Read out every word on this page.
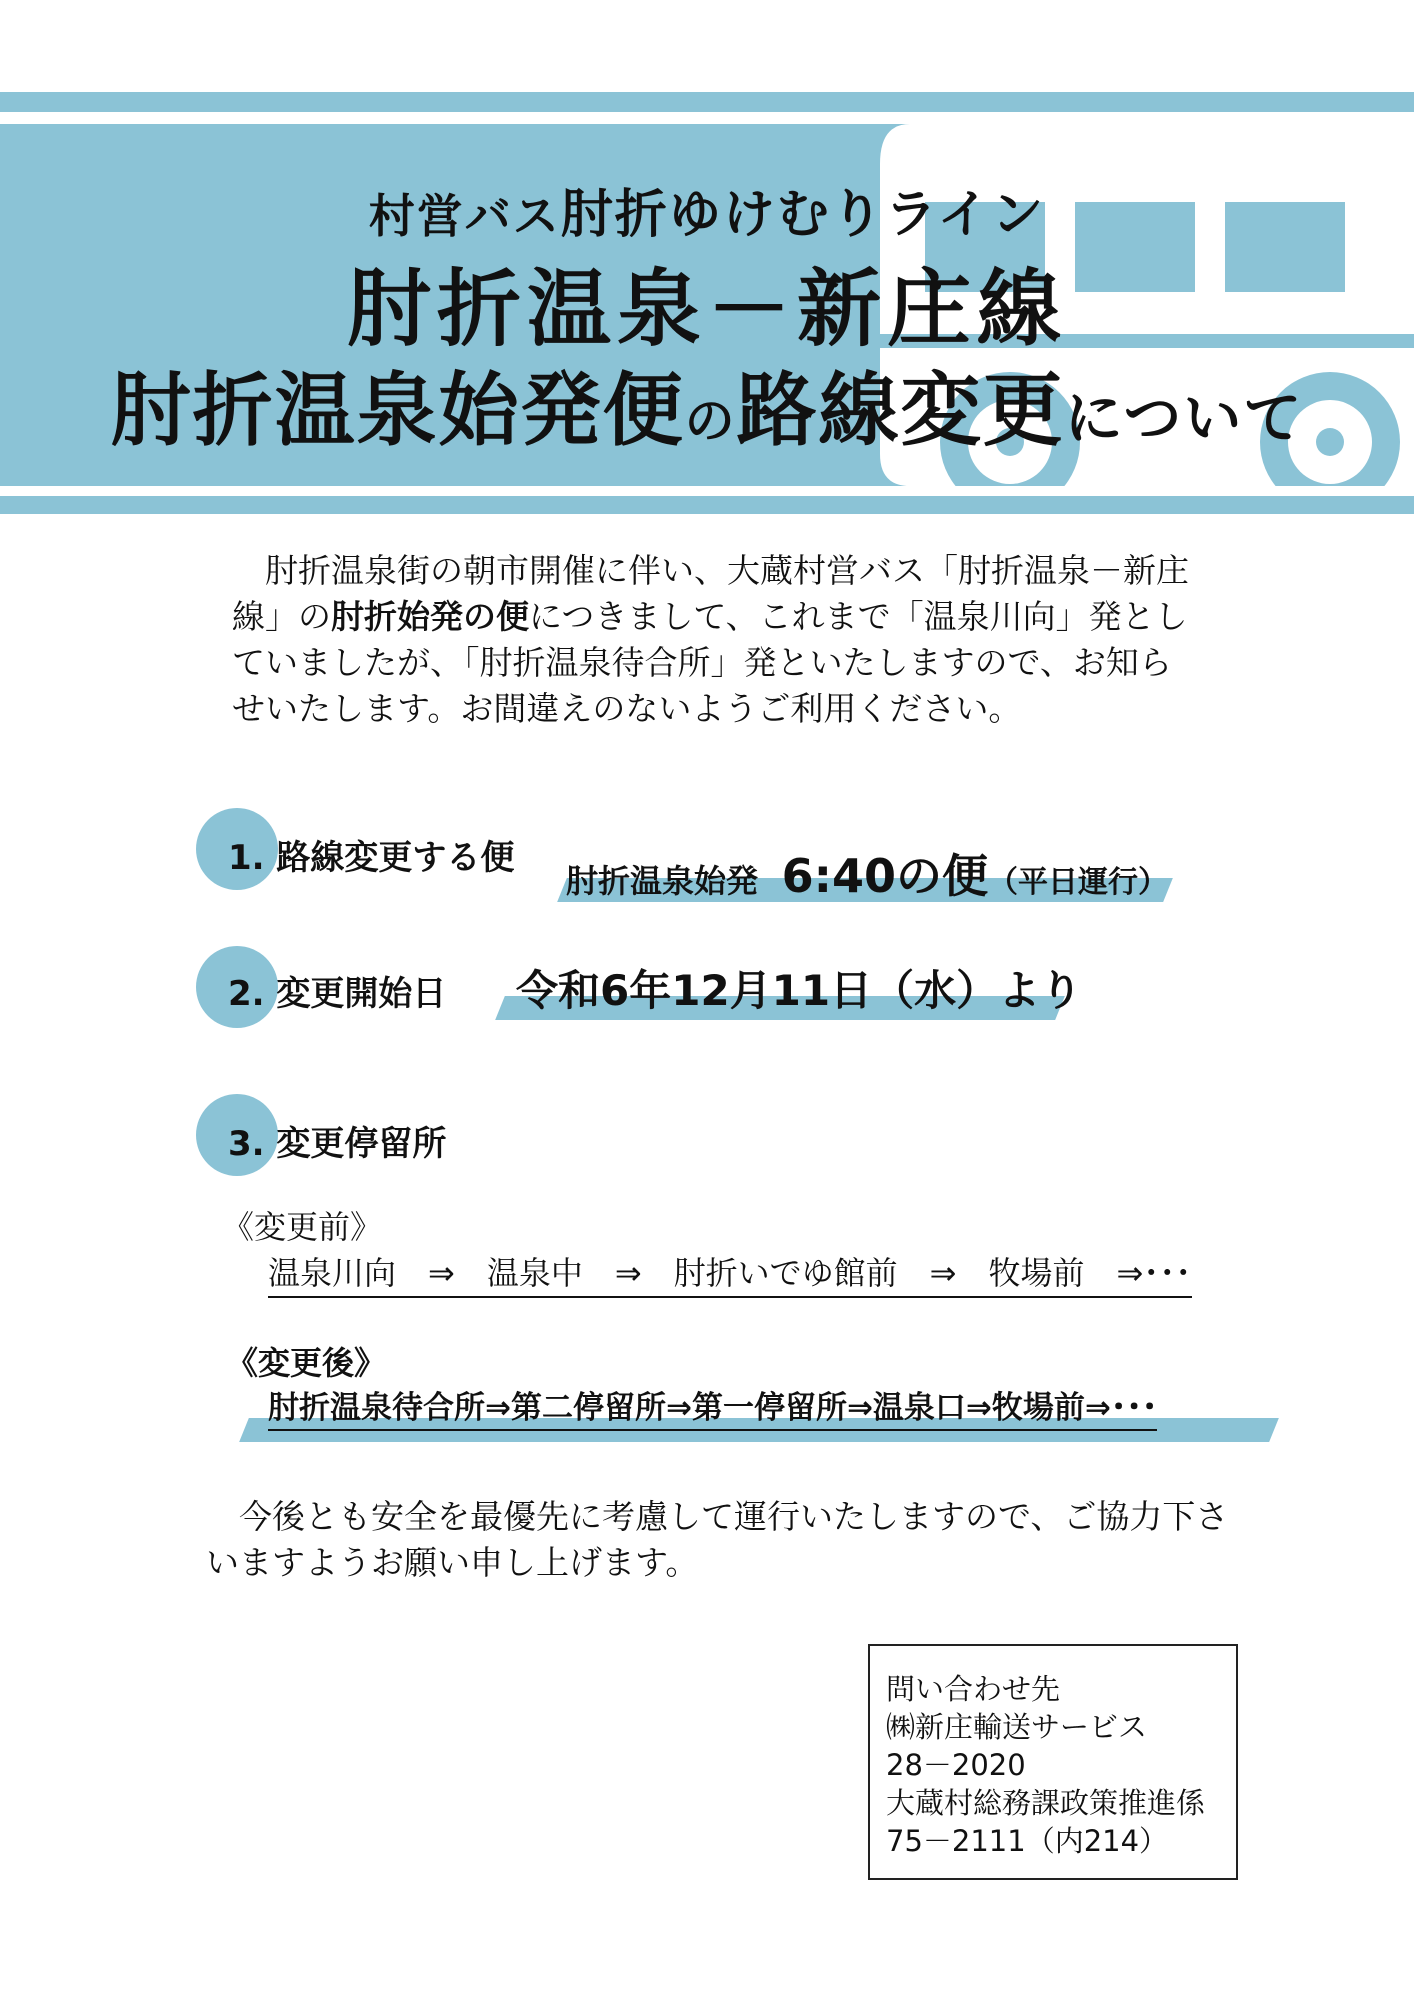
村営バス肘折ゆけむりライン
肘折温泉－新庄線
肘折温泉始発便の路線変更について

肘折温泉街の朝市開催に伴い、大蔵村営バス「肘折温泉－新庄線」の肘折始発の便につきまして、これまで「温泉川向」発としていましたが、「肘折温泉待合所」発といたしますので、お知らせいたします。お間違えのないようご利用ください。

1. 路線変更する便
肘折温泉始発 6:40の便（平日運行）
2. 変更開始日 令和6年12月11日（水）より
3. 変更停留所
《変更前》
温泉川向　⇒　温泉中　⇒　肘折いでゆ館前　⇒　牧場前　⇒･･･
《変更後》
肘折温泉待合所⇒第二停留所⇒第一停留所⇒温泉口⇒牧場前⇒･･･

今後とも安全を最優先に考慮して運行いたしますので、ご協力下さいますようお願い申し上げます。

問い合わせ先
㈱新庄輸送サービス
28－2020
大蔵村総務課政策推進係
75－2111（内214）
